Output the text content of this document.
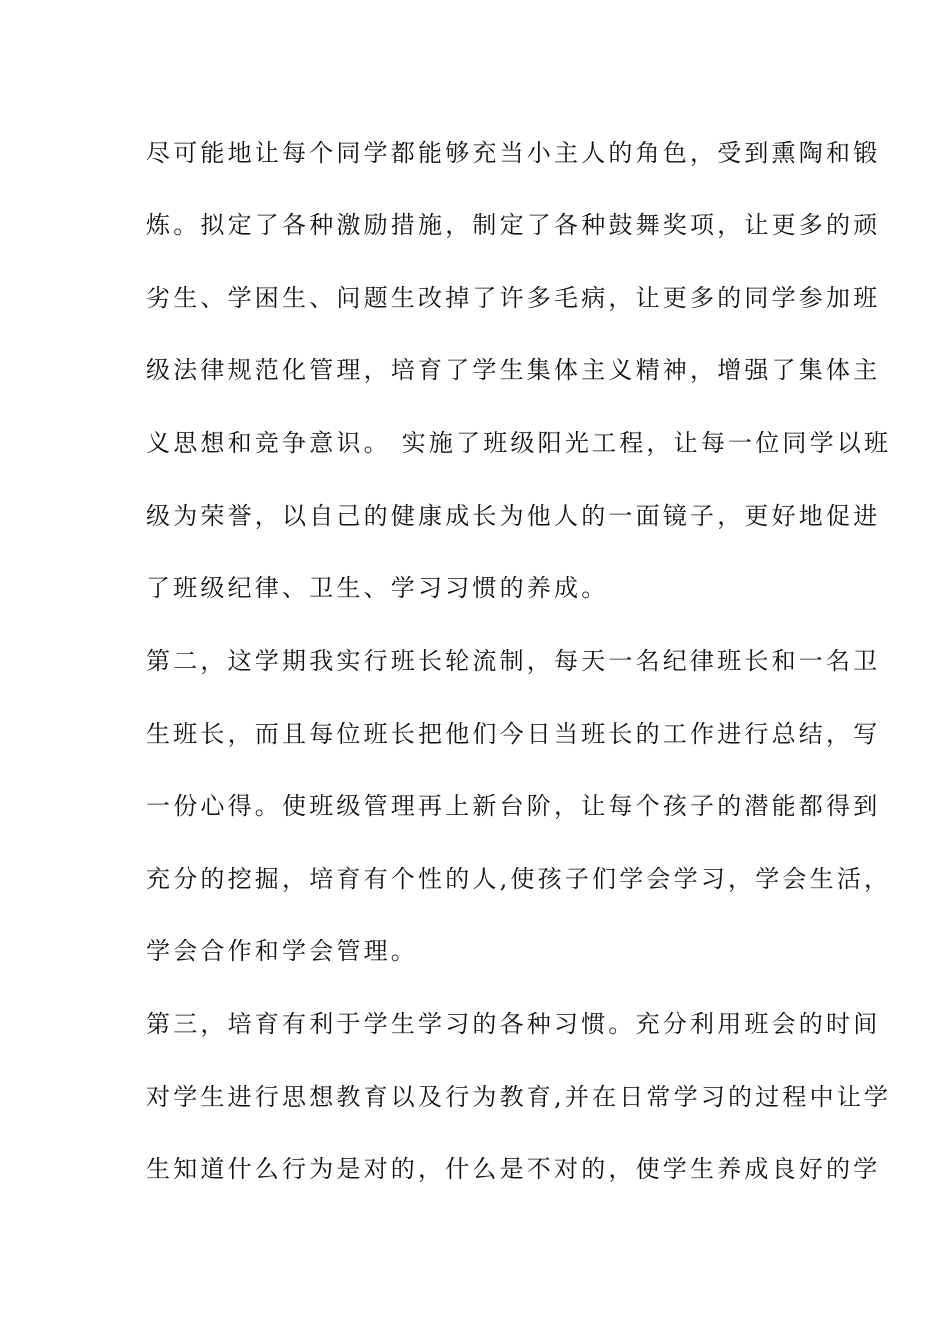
尽可能地让每个同学都能够充当小主人的角色，受到熏陶和锻

炼。拟定了各种激励措施，制定了各种鼓舞奖项，让更多的顽

劣生、学困生、问题生改掉了许多毛病，让更多的同学参加班

级法律规范化管理，培育了学生集体主义精神，增强了集体主

义思想和竞争意识。 实施了班级阳光工程，让每一位同学以班

级为荣誉，以自己的健康成长为他人的一面镜子，更好地促进

了班级纪律、卫生、学习习惯的养成。

第二，这学期我实行班长轮流制，每天一名纪律班长和一名卫

生班长，而且每位班长把他们今日当班长的工作进行总结，写

一份心得。使班级管理再上新台阶，让每个孩子的潜能都得到

充分的挖掘，培育有个性的人,使孩子们学会学习，学会生活，

学会合作和学会管理。

第三，培育有利于学生学习的各种习惯。充分利用班会的时间

对学生进行思想教育以及行为教育,并在日常学习的过程中让学

生知道什么行为是对的，什么是不对的，使学生养成良好的学
